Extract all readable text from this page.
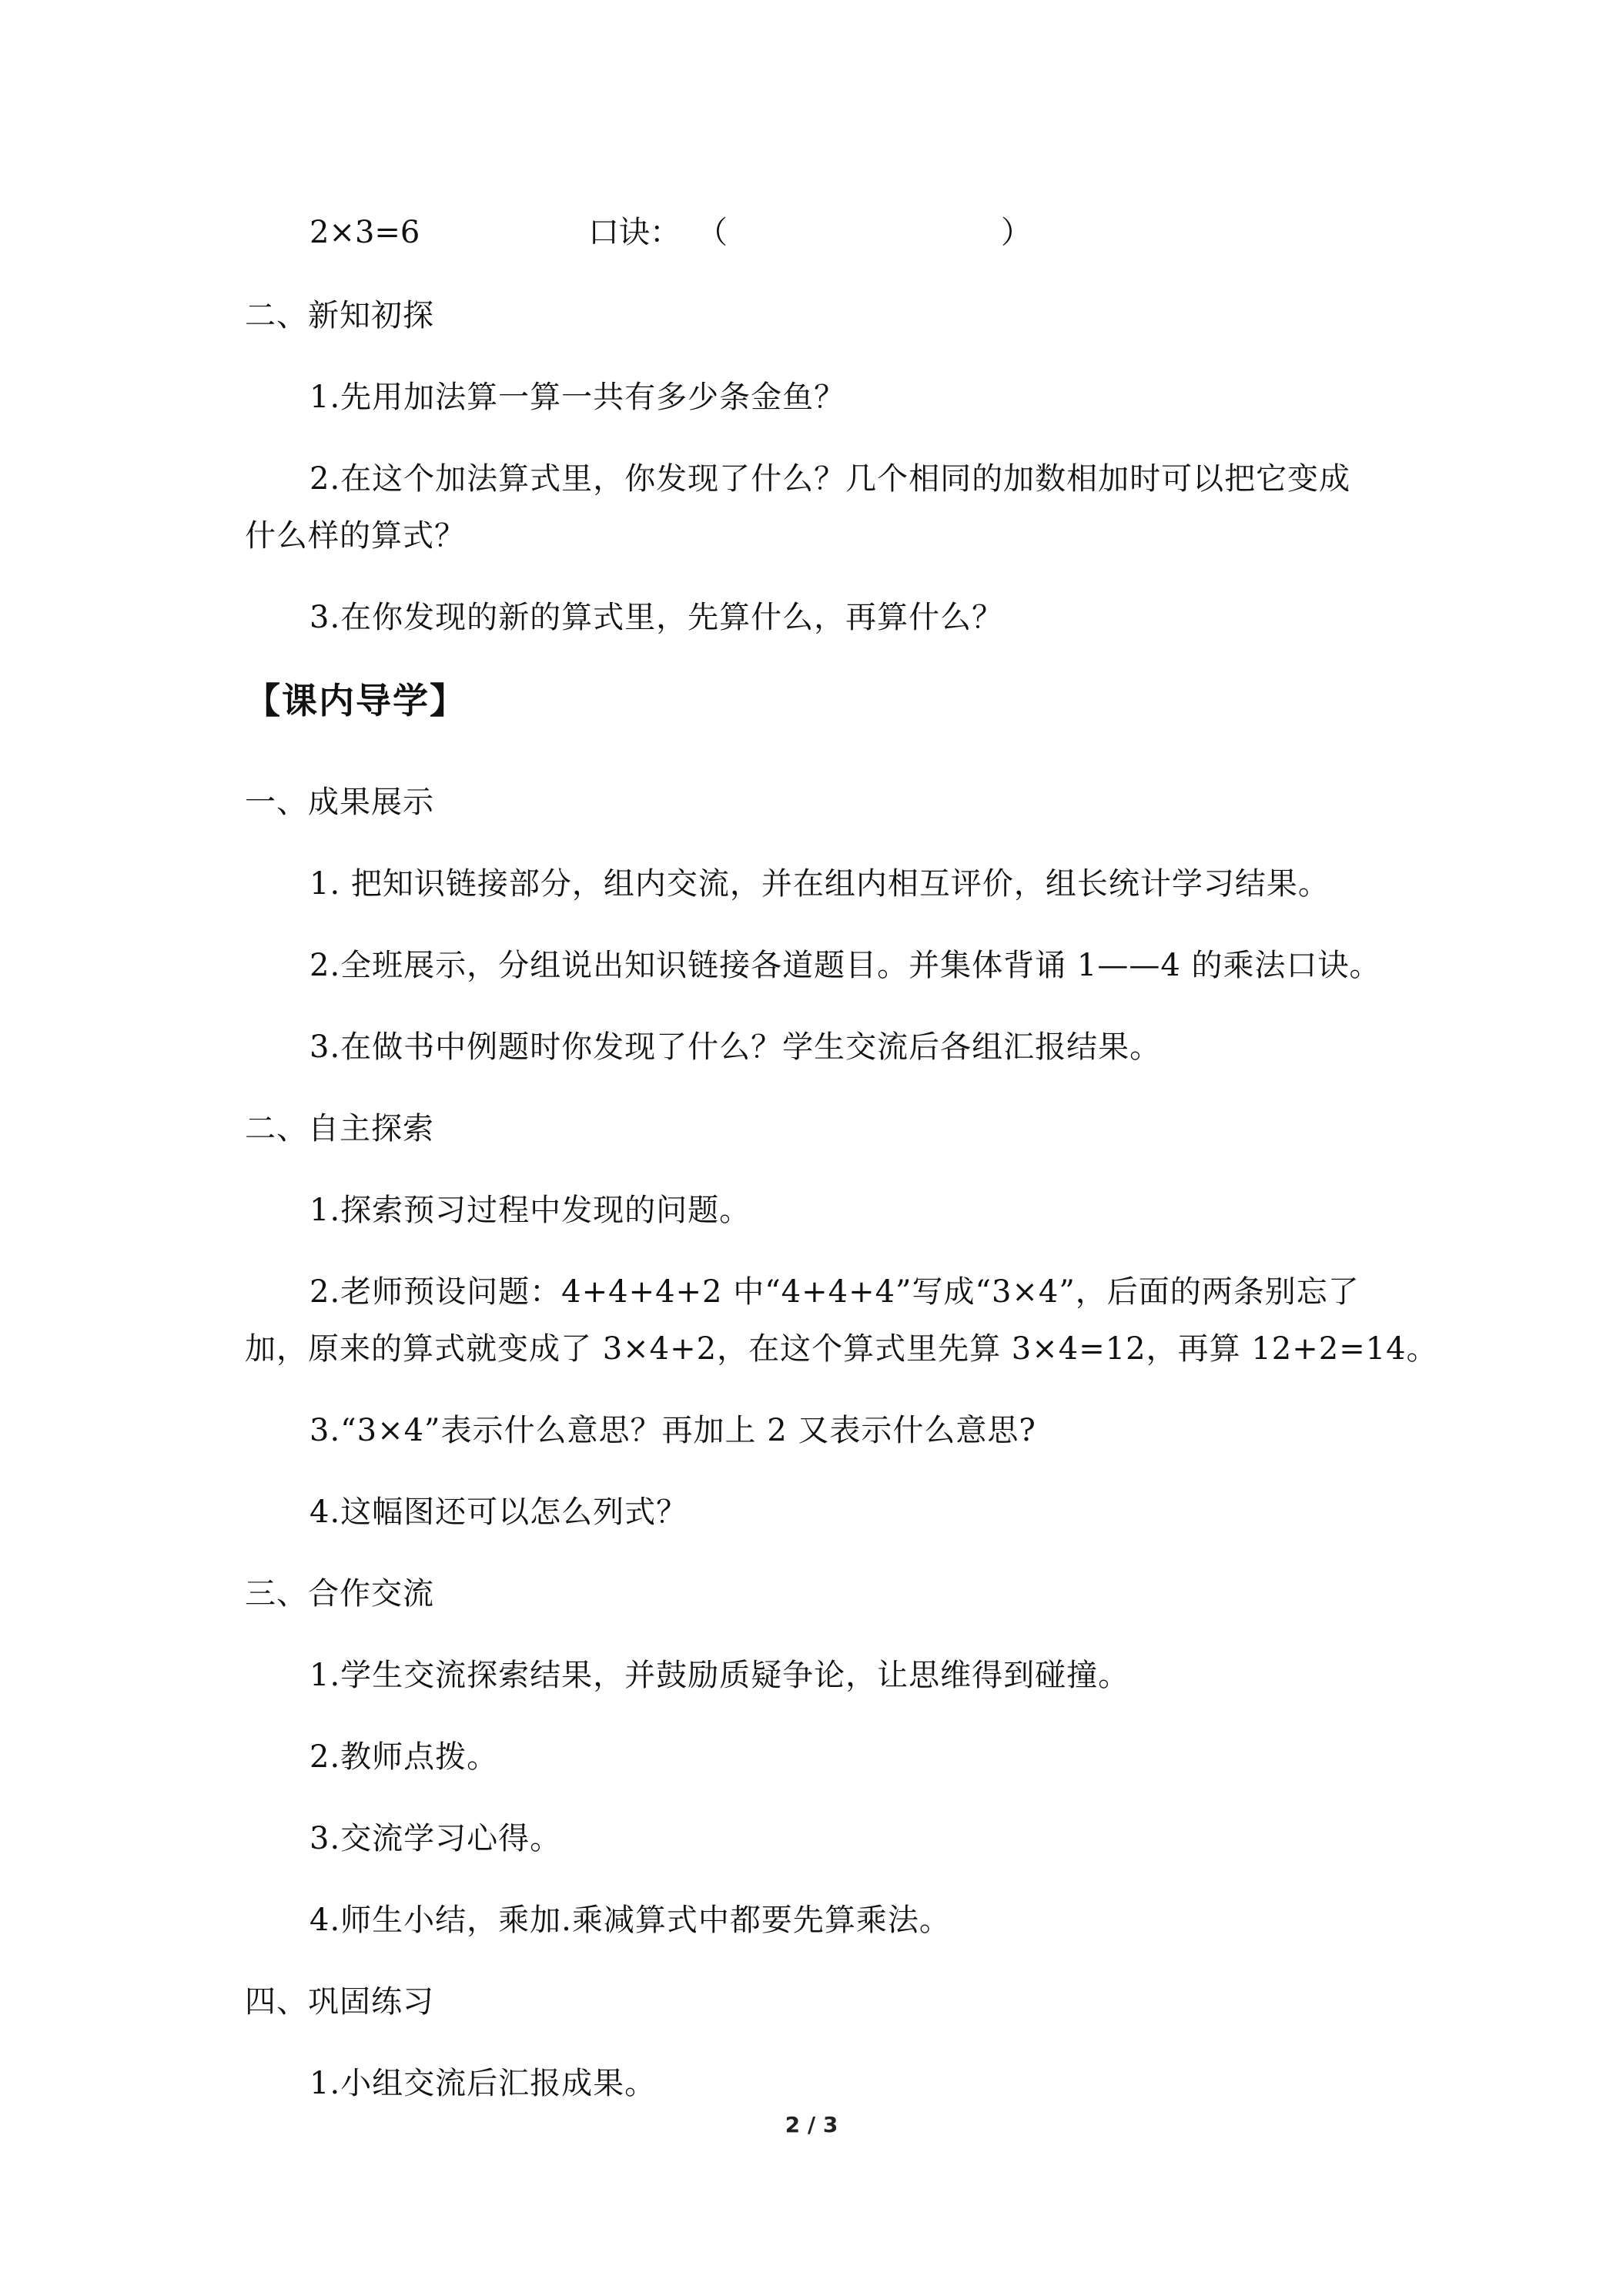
2×3=6	口诀： （	）
二、新知初探
1.先用加法算一算一共有多少条金鱼？
2.在这个加法算式里，你发现了什么？几个相同的加数相加时可以把它变成
什么样的算式？
3.在你发现的新的算式里，先算什么，再算什么？
【课内导学】
一、成果展示
1. 把知识链接部分，组内交流，并在组内相互评价，组长统计学习结果。
2.全班展示，分组说出知识链接各道题目。并集体背诵 1——4 的乘法口诀。
3.在做书中例题时你发现了什么？学生交流后各组汇报结果。
二、自主探索
1.探索预习过程中发现的问题。
2.老师预设问题：4+4+4+2 中“4+4+4”写成“3×4”，后面的两条别忘了
加，原来的算式就变成了 3×4+2，在这个算式里先算 3×4=12，再算 12+2=14。
3.“3×4”表示什么意思？再加上 2 又表示什么意思?
4.这幅图还可以怎么列式？
三、合作交流
1.学生交流探索结果，并鼓励质疑争论，让思维得到碰撞。
2.教师点拨。
3.交流学习心得。
4.师生小结，乘加.乘减算式中都要先算乘法。
四、巩固练习
1.小组交流后汇报成果。
2 / 3
